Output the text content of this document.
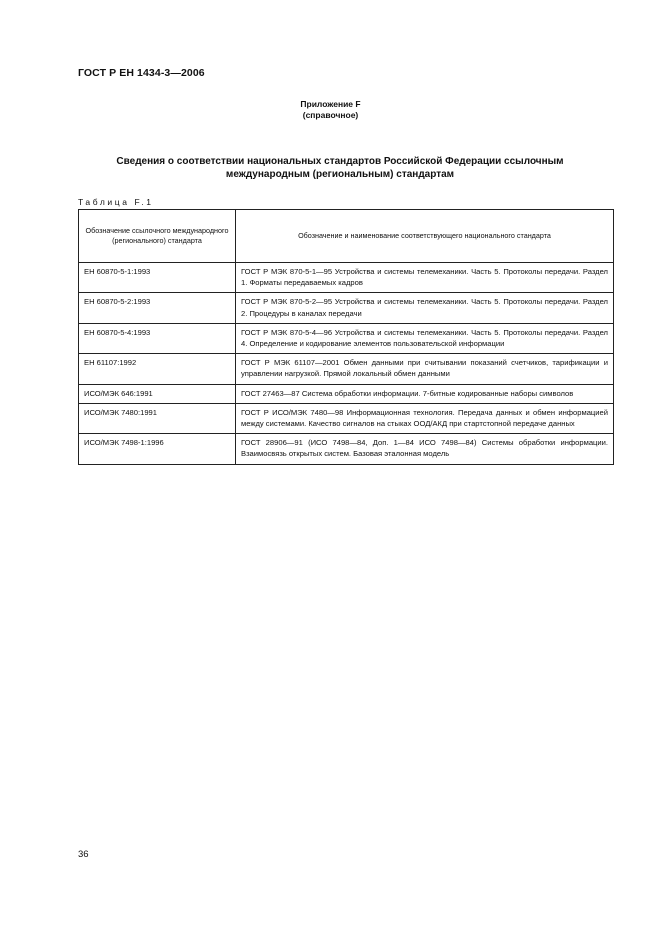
ГОСТ Р ЕН 1434-3—2006
Приложение F
(справочное)
Сведения о соответствии национальных стандартов Российской Федерации ссылочным
международным (региональным) стандартам
Таблица F.1
Обозначение ссылочного международного (регионального) стандарта	Обозначение и наименование соответствующего национального стандарта
ЕН 60870-5-1:1993	ГОСТ Р МЭК 870-5-1—95 Устройства и системы телемеханики. Часть 5. Протоколы передачи. Раздел 1. Форматы передаваемых кадров
ЕН 60870-5-2:1993	ГОСТ Р МЭК 870-5-2—95 Устройства и системы телемеханики. Часть 5. Протоколы передачи. Раздел 2. Процедуры в каналах передачи
ЕН 60870-5-4:1993	ГОСТ Р МЭК 870-5-4—96 Устройства и системы телемеханики. Часть 5. Протоколы передачи. Раздел 4. Определение и кодирование элементов пользовательской информации
ЕН 61107:1992	ГОСТ Р МЭК 61107—2001 Обмен данными при считывании показаний счетчиков, тарификации и управлении нагрузкой. Прямой локальный обмен данными
ИСО/МЭК 646:1991	ГОСТ 27463—87 Система обработки информации. 7-битные кодированные наборы символов
ИСО/МЭК 7480:1991	ГОСТ Р ИСО/МЭК 7480—98 Информационная технология. Передача данных и обмен информацией между системами. Качество сигналов на стыках ООД/АКД при стартстопной передаче данных
ИСО/МЭК 7498-1:1996	ГОСТ 28906—91 (ИСО 7498—84, Доп. 1—84 ИСО 7498—84) Системы обработки информации. Взаимосвязь открытых систем. Базовая эталонная модель
36
